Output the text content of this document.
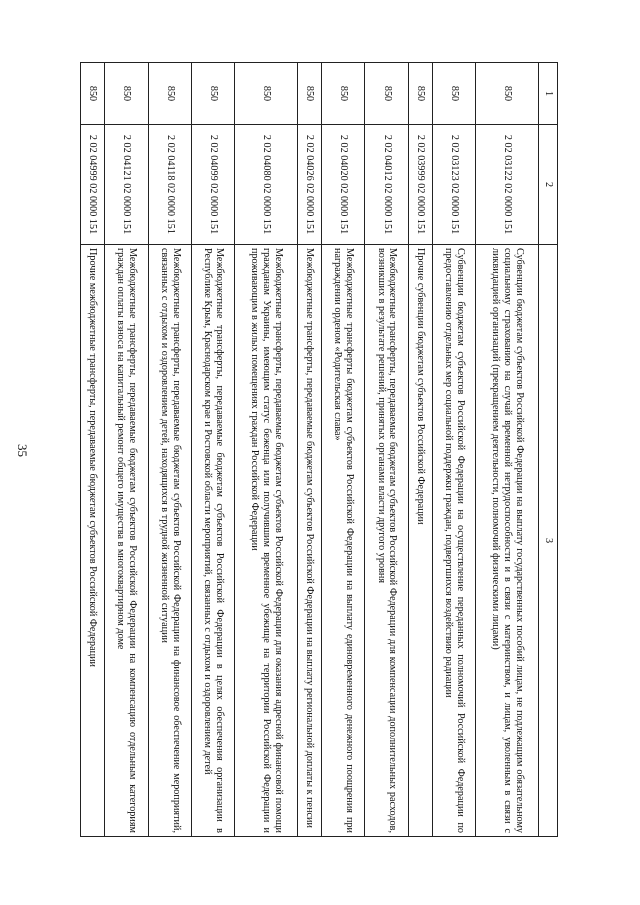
35
1	2	3
850	2 02 03122 02 0000 151	Субвенции бюджетам субъектов Российской Федерации на выплату государственных пособий лицам, не подлежащим обязательному социальному страхованию на случай временной нетрудоспособности и в связи с материнством, и лицам, уволенным в связи с ликвидацией организаций (прекращением деятельности, полномочий физическими лицами)
850	2 02 03123 02 0000 151	Субвенции бюджетам субъектов Российской Федерации на осуществление переданных полномочий Российской Федерации по предоставлению отдельных мер социальной поддержки граждан, подвергшихся воздействию радиации
850	2 02 03999 02 0000 151	Прочие субвенции бюджетам субъектов Российской Федерации
850	2 02 04012 02 0000 151	Межбюджетные трансферты, передаваемые бюджетам субъектов Российской Федерации для компенсации дополнительных расходов, возникших в результате решений, принятых органами власти другого уровня
850	2 02 04020 02 0000 151	Межбюджетные трансферты бюджетам субъектов Российской Федерации на выплату единовременного денежного поощрения при награждении орденом «Родительская слава»
850	2 02 04026 02 0000 151	Межбюджетные трансферты, передаваемые бюджетам субъектов Российской Федерации на выплату региональной доплаты к пенсии
850	2 02 04080 02 0000 151	Межбюджетные трансферты, передаваемые бюджетам субъектов Российской Федерации для оказания адресной финансовой помощи гражданам Украины, имеющим статус беженца или получившим временное убежище на территории Российской Федерации и проживающим в жилых помещениях граждан Российской Федерации
850	2 02 04099 02 0000 151	Межбюджетные трансферты, передаваемые бюджетам субъектов Российской Федерации в целях обеспечения организации в Республике Крым, Краснодарском крае и Ростовской области мероприятий, связанных с отдыхом и оздоровлением детей
850	2 02 04118 02 0000 151	Межбюджетные трансферты, передаваемые бюджетам субъектов Российской Федерации на финансовое обеспечение мероприятий, связанных с отдыхом и оздоровлением детей, находящихся в трудной жизненной ситуации
850	2 02 04121 02 0000 151	Межбюджетные трансферты, передаваемые бюджетам субъектов Российской Федерации на компенсацию отдельным категориям граждан оплаты взноса на капитальный ремонт общего имущества в многоквартирном доме
850	2 02 04999 02 0000 151	Прочие межбюджетные трансферты, передаваемые бюджетам субъектов Российской Федерации
